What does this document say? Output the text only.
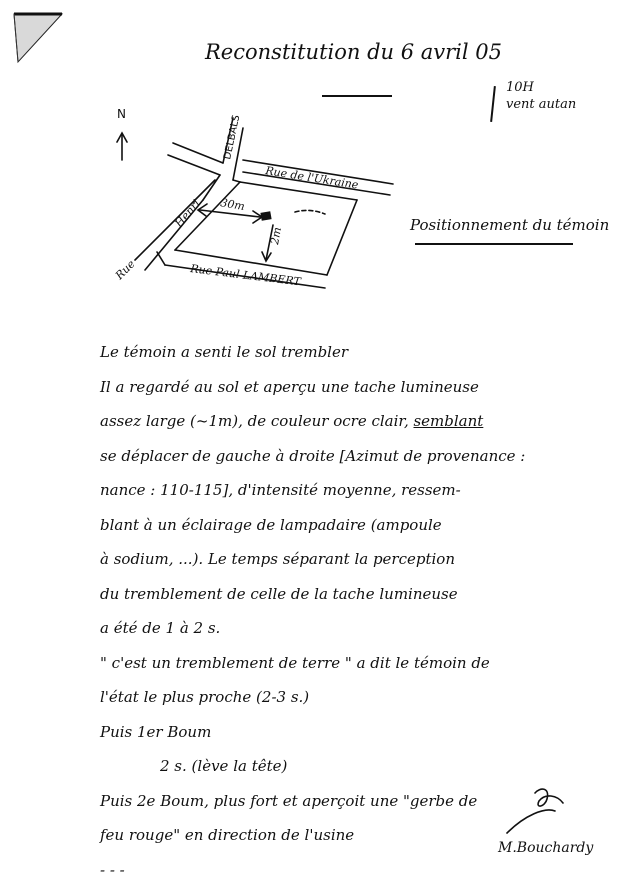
Reconstitution du 6 avril 05
10H
vent autan
N
Rue de l'Ukraine
DELBALS
Henri
Rue Paul LAMBERT
Rue
30m
2m
Positionnement du témoin
Le témoin a senti le sol trembler
Il a regardé au sol et aperçu une tache lumineuse
assez large (~1m), de couleur ocre clair, semblant
se déplacer de gauche à droite [Azimut de provenance :
nance : 110-115], d'intensité moyenne, ressem-
blant à un éclairage de lampadaire (ampoule
à sodium, ...). Le temps séparant la perception
du tremblement de celle de la tache lumineuse
a été de 1 à 2 s.
" c'est un tremblement de terre " a dit le témoin de
l'état le plus proche (2-3 s.)
Puis 1er Boum
2 s. (lève la tête)
Puis 2e Boum, plus fort et aperçoit une "gerbe de
feu rouge" en direction de l'usine
- - -
M.Bouchardy
